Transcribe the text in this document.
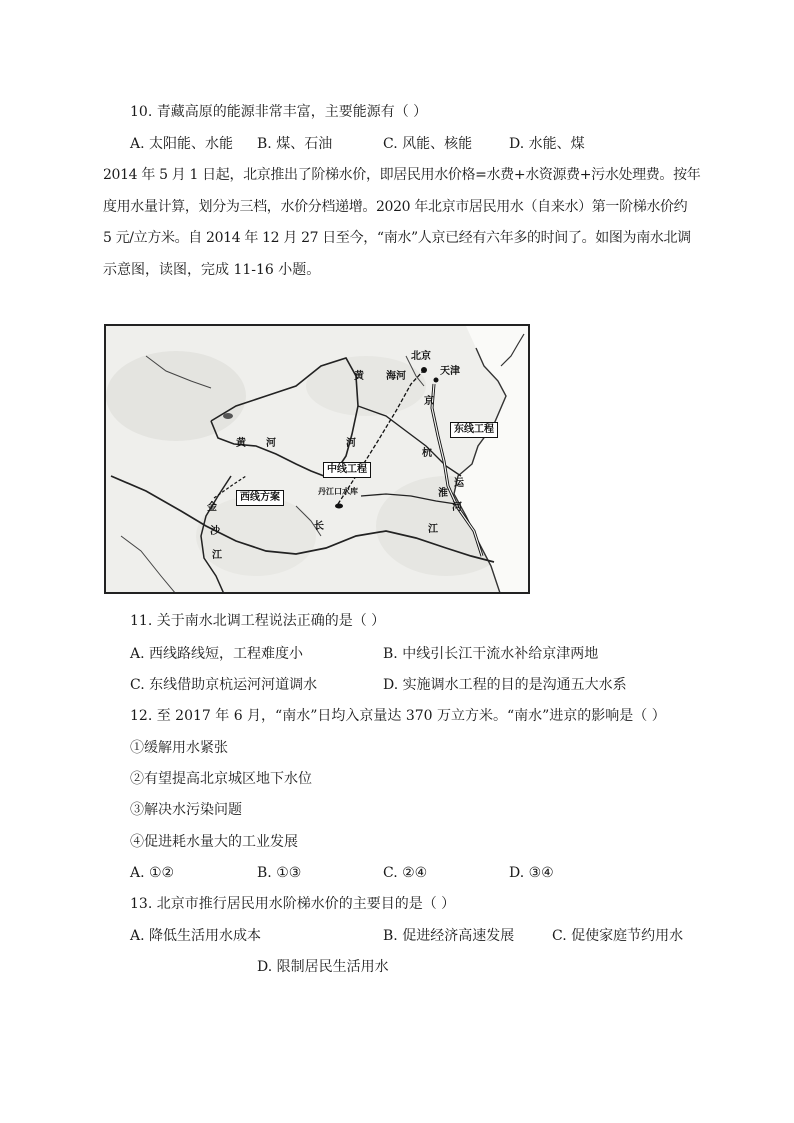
10. 青藏高原的能源非常丰富，主要能源有（ ）
A. 太阳能、水能 B. 煤、石油	C. 风能、核能	D. 水能、煤
2014 年 5 月 1 日起，北京推出了阶梯水价，即居民用水价格=水费+水资源费+污水处理费。按年
度用水量计算，划分为三档，水价分档递增。2020 年北京市居民用水（自来水）第一阶梯水价约
5 元/立方米。自 2014 年 12 月 27 日至今，“南水”人京已经有六年多的时间了。如图为南水北调
示意图，读图，完成 11-16 小题。
北京
天津
海河
黄
黄 河	河
京
杭
运
东线工程
中线工程
丹江口水库
西线方案
金
沙
江
长	江
淮
河
11. 关于南水北调工程说法正确的是（ ）
A. 西线路线短，工程难度小	B. 中线引长江干流水补给京津两地
C. 东线借助京杭运河河道调水	D. 实施调水工程的目的是沟通五大水系
12. 至 2017 年 6 月，“南水”日均入京量达 370 万立方米。“南水”进京的影响是（ ）
①缓解用水紧张
②有望提高北京城区地下水位
③解决水污染问题
④促进耗水量大的工业发展
A. ①②	B. ①③	C. ②④	D. ③④
13. 北京市推行居民用水阶梯水价的主要目的是（ ）
A. 降低生活用水成本	B. 促进经济高速发展	C. 促使家庭节约用水
D. 限制居民生活用水
